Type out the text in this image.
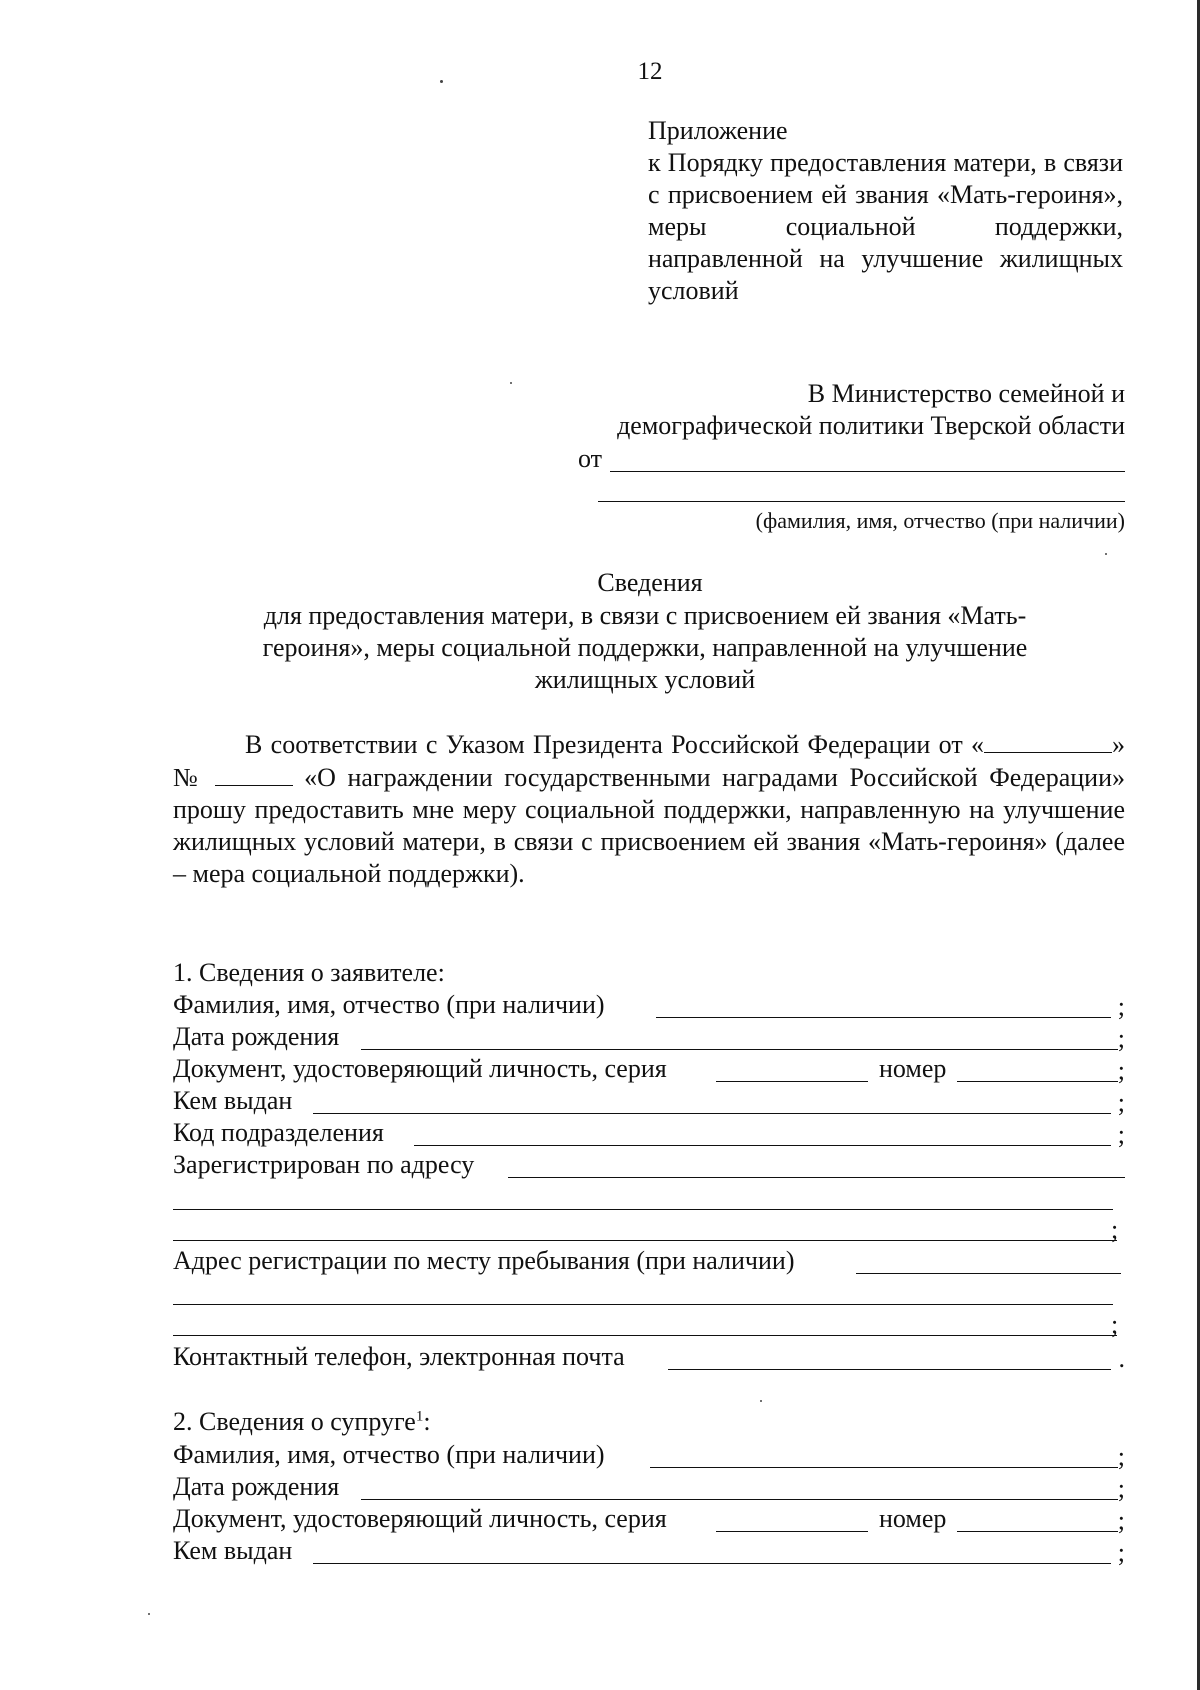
12
Приложение
к Порядку предоставления матери, в связи с присвоением ей звания «Мать-героиня», меры социальной поддержки, направленной на улучшение жилищных условий
В Министерство семейной и
демографической политики Тверской области
от
(фамилия, имя, отчество (при наличии)
Сведения
для предоставления матери, в связи с присвоением ей звания «Мать-героиня», меры социальной поддержки, направленной на улучшение жилищных условий
В соответствии с Указом Президента Российской Федерации от «	» №	«О награждении государственными наградами Российской Федерации» прошу предоставить мне меру социальной поддержки, направленную на улучшение жилищных условий матери, в связи с присвоением ей звания «Мать-героиня» (далее – мера социальной поддержки).
1. Сведения о заявителе:
Фамилия, имя, отчество (при наличии)	;
Дата рождения	;
Документ, удостоверяющий личность, серия	номер	;
Кем выдан	;
Код подразделения	;
Зарегистрирован по адресу
;
Адрес регистрации по месту пребывания (при наличии)
;
Контактный телефон, электронная почта	.
2. Сведения о супруге$^1$:
Фамилия, имя, отчество (при наличии)	;
Дата рождения	;
Документ, удостоверяющий личность, серия	номер	;
Кем выдан	;
